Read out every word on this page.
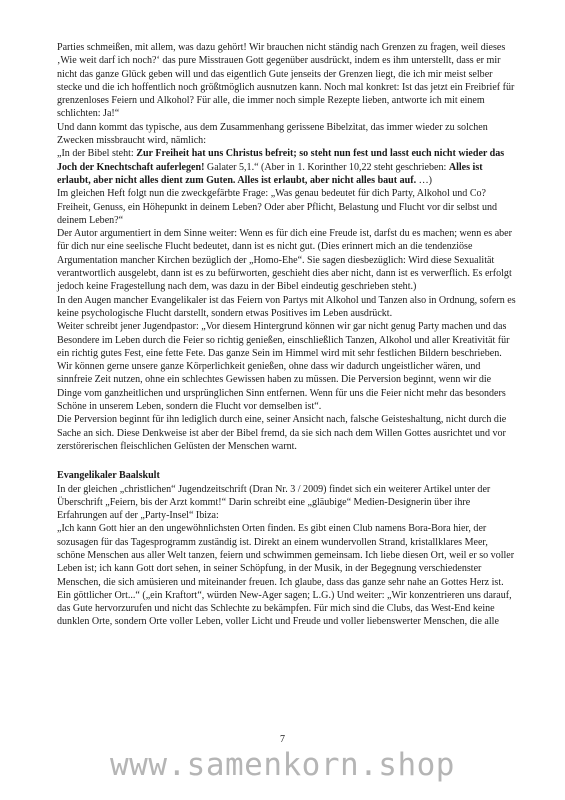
Parties schmeißen, mit allem, was dazu gehört! Wir brauchen nicht ständig nach Grenzen zu fragen, weil dieses ‚Wie weit darf ich noch?‘ das pure Misstrauen Gott gegenüber ausdrückt, indem es ihm unterstellt, dass er mir nicht das ganze Glück geben will und das eigentlich Gute jenseits der Grenzen liegt, die ich mir meist selber stecke und die ich hoffentlich noch größtmöglich ausnutzen kann. Noch mal konkret: Ist das jetzt ein Freibrief für grenzenloses Feiern und Alkohol? Für alle, die immer noch simple Rezepte lieben, antworte ich mit einem schlichten: Ja!“

Und dann kommt das typische, aus dem Zusammenhang gerissene Bibelzitat, das immer wieder zu solchen Zwecken missbraucht wird, nämlich:

„In der Bibel steht: Zur Freiheit hat uns Christus befreit; so steht nun fest und lasst euch nicht wieder das Joch der Knechtschaft auferlegen! Galater 5,1.“ (Aber in 1. Korinther 10,22 steht geschrieben: Alles ist erlaubt, aber nicht alles dient zum Guten. Alles ist erlaubt, aber nicht alles baut auf. …)

Im gleichen Heft folgt nun die zweckgefärbte Frage: „Was genau bedeutet für dich Party, Alkohol und Co? Freiheit, Genuss, ein Höhepunkt in deinem Leben? Oder aber Pflicht, Belastung und Flucht vor dir selbst und deinem Leben?“

Der Autor argumentiert in dem Sinne weiter: Wenn es für dich eine Freude ist, darfst du es machen; wenn es aber für dich nur eine seelische Flucht bedeutet, dann ist es nicht gut. (Dies erinnert mich an die tendenziöse Argumentation mancher Kirchen bezüglich der „Homo-Ehe“. Sie sagen diesbezüglich: Wird diese Sexualität verantwortlich ausgelebt, dann ist es zu befürworten, geschieht dies aber nicht, dann ist es verwerflich. Es erfolgt jedoch keine Fragestellung nach dem, was dazu in der Bibel eindeutig geschrieben steht.)

In den Augen mancher Evangelikaler ist das Feiern von Partys mit Alkohol und Tanzen also in Ordnung, sofern es keine psychologische Flucht darstellt, sondern etwas Positives im Leben ausdrückt.

Weiter schreibt jener Jugendpastor: „Vor diesem Hintergrund können wir gar nicht genug Party machen und das Besondere im Leben durch die Feier so richtig genießen, einschließlich Tanzen, Alkohol und aller Kreativität für ein richtig gutes Fest, eine fette Fete. Das ganze Sein im Himmel wird mit sehr festlichen Bildern beschrieben. Wir können gerne unsere ganze Körperlichkeit genießen, ohne dass wir dadurch ungeistlicher wären, und sinnfreie Zeit nutzen, ohne ein schlechtes Gewissen haben zu müssen. Die Perversion beginnt, wenn wir die Dinge vom ganzheitlichen und ursprünglichen Sinn entfernen. Wenn für uns die Feier nicht mehr das besonders Schöne in unserem Leben, sondern die Flucht vor demselben ist“.

Die Perversion beginnt für ihn lediglich durch eine, seiner Ansicht nach, falsche Geisteshaltung, nicht durch die Sache an sich. Diese Denkweise ist aber der Bibel fremd, da sie sich nach dem Willen Gottes ausrichtet und vor zerstörerischen fleischlichen Gelüsten der Menschen warnt.

Evangelikaler Baalskult

In der gleichen „christlichen“ Jugendzeitschrift (Dran Nr. 3 / 2009) findet sich ein weiterer Artikel unter der Überschrift „Feiern, bis der Arzt kommt!“ Darin schreibt eine „gläubige“ Medien-Designerin über ihre Erfahrungen auf der „Party-Insel“ Ibiza:

„Ich kann Gott hier an den ungewöhnlichsten Orten finden. Es gibt einen Club namens Bora-Bora hier, der sozusagen für das Tagesprogramm zuständig ist. Direkt an einem wundervollen Strand, kristallklares Meer, schöne Menschen aus aller Welt tanzen, feiern und schwimmen gemeinsam. Ich liebe diesen Ort, weil er so voller Leben ist; ich kann Gott dort sehen, in seiner Schöpfung, in der Musik, in der Begegnung verschiedenster Menschen, die sich amüsieren und miteinander freuen. Ich glaube, dass das ganze sehr nahe an Gottes Herz ist. Ein göttlicher Ort...“ („ein Kraftort“, würden New-Ager sagen; L.G.) Und weiter: „Wir konzentrieren uns darauf, das Gute hervorzurufen und nicht das Schlechte zu bekämpfen. Für mich sind die Clubs, das West-End keine dunklen Orte, sondern Orte voller Leben, voller Licht und Freude und voller liebenswerter Menschen, die alle

7
www.samenkorn.shop
